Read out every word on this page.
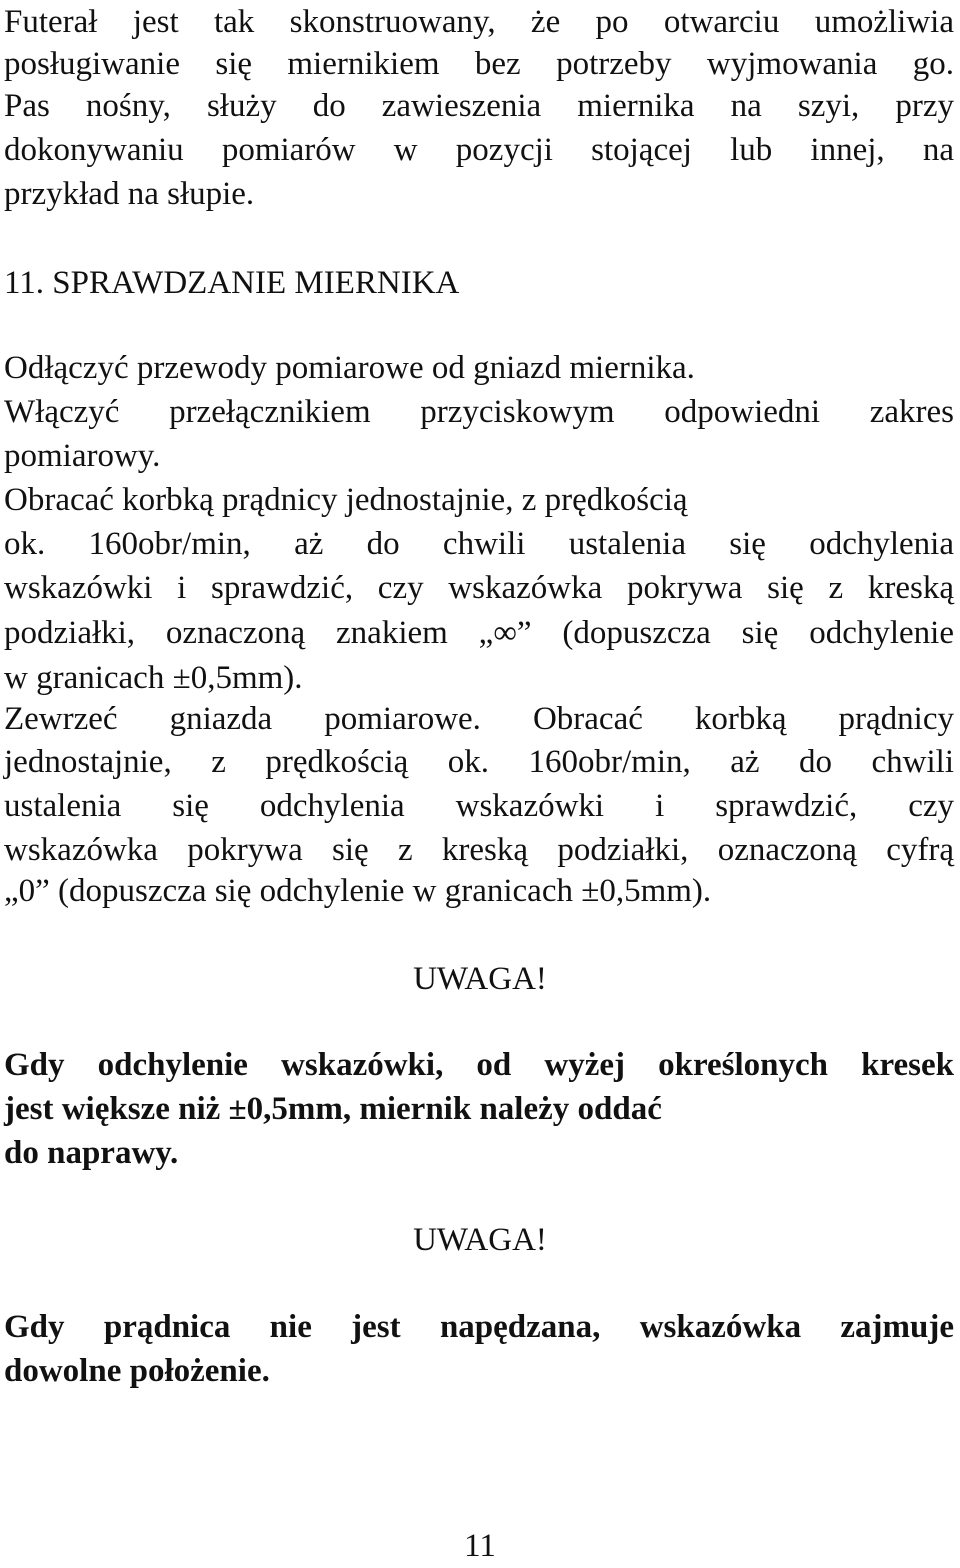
Futerał jest tak skonstruowany, że po otwarciu umożliwia

posługiwanie się miernikiem bez potrzeby wyjmowania go.

Pas nośny, służy do zawieszenia miernika na szyi, przy

dokonywaniu pomiarów w pozycji stojącej lub innej, na

przykład na słupie.

11. SPRAWDZANIE MIERNIKA

Odłączyć przewody pomiarowe od gniazd miernika.

Włączyć przełącznikiem przyciskowym odpowiedni zakres

pomiarowy.

Obracać korbką prądnicy jednostajnie, z prędkością

ok. 160obr/min, aż do chwili ustalenia się odchylenia

wskazówki i sprawdzić, czy wskazówka pokrywa się z kreską

podziałki, oznaczoną znakiem „∞” (dopuszcza się odchylenie

w granicach ±0,5mm).

Zewrzeć gniazda pomiarowe. Obracać korbką prądnicy

jednostajnie, z prędkością ok. 160obr/min, aż do chwili

ustalenia się odchylenia wskazówki i sprawdzić, czy

wskazówka pokrywa się z kreską podziałki, oznaczoną cyfrą

„0” (dopuszcza się odchylenie w granicach ±0,5mm).

UWAGA!

Gdy odchylenie wskazówki, od wyżej określonych kresek

jest większe niż ±0,5mm, miernik należy oddać

do naprawy.

UWAGA!

Gdy prądnica nie jest napędzana, wskazówka zajmuje

dowolne położenie.

11
